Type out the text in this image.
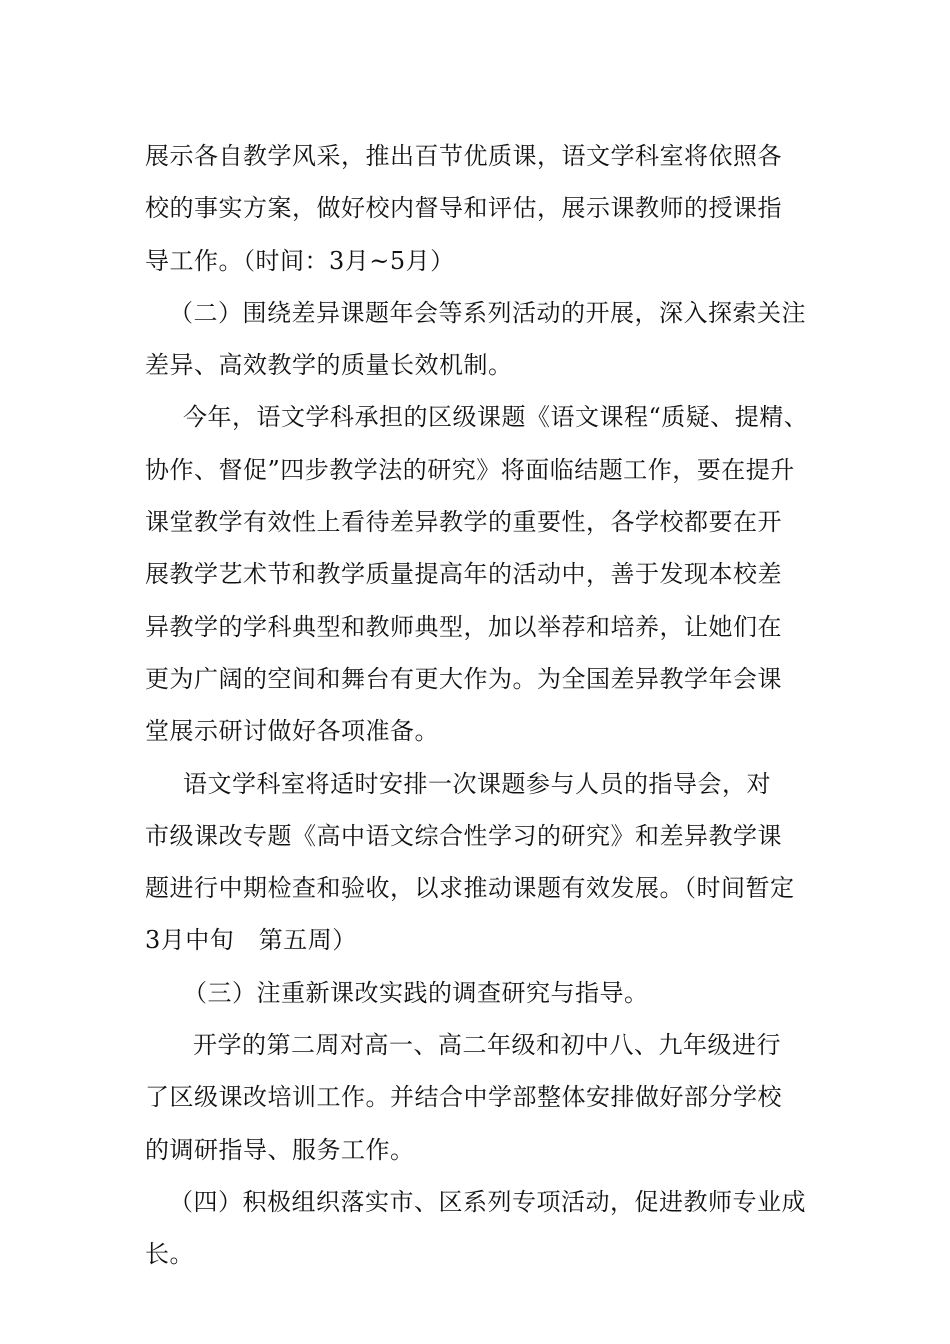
展示各自教学风采，推出百节优质课，语文学科室将依照各
校的事实方案，做好校内督导和评估，展示课教师的授课指
导工作。（时间：3月~5月）
（二）围绕差异课题年会等系列活动的开展，深入探索关注
差异、高效教学的质量长效机制。
今年，语文学科承担的区级课题《语文课程“质疑、提精、
协作、督促”四步教学法的研究》将面临结题工作，要在提升
课堂教学有效性上看待差异教学的重要性，各学校都要在开
展教学艺术节和教学质量提高年的活动中，善于发现本校差
异教学的学科典型和教师典型，加以举荐和培养，让她们在
更为广阔的空间和舞台有更大作为。为全国差异教学年会课
堂展示研讨做好各项准备。
语文学科室将适时安排一次课题参与人员的指导会，对
市级课改专题《高中语文综合性学习的研究》和差异教学课
题进行中期检查和验收，以求推动课题有效发展。（时间暂定
3月中旬　第五周）
（三）注重新课改实践的调查研究与指导。
开学的第二周对高一、高二年级和初中八、九年级进行
了区级课改培训工作。并结合中学部整体安排做好部分学校
的调研指导、服务工作。
（四）积极组织落实市、区系列专项活动，促进教师专业成
长。
